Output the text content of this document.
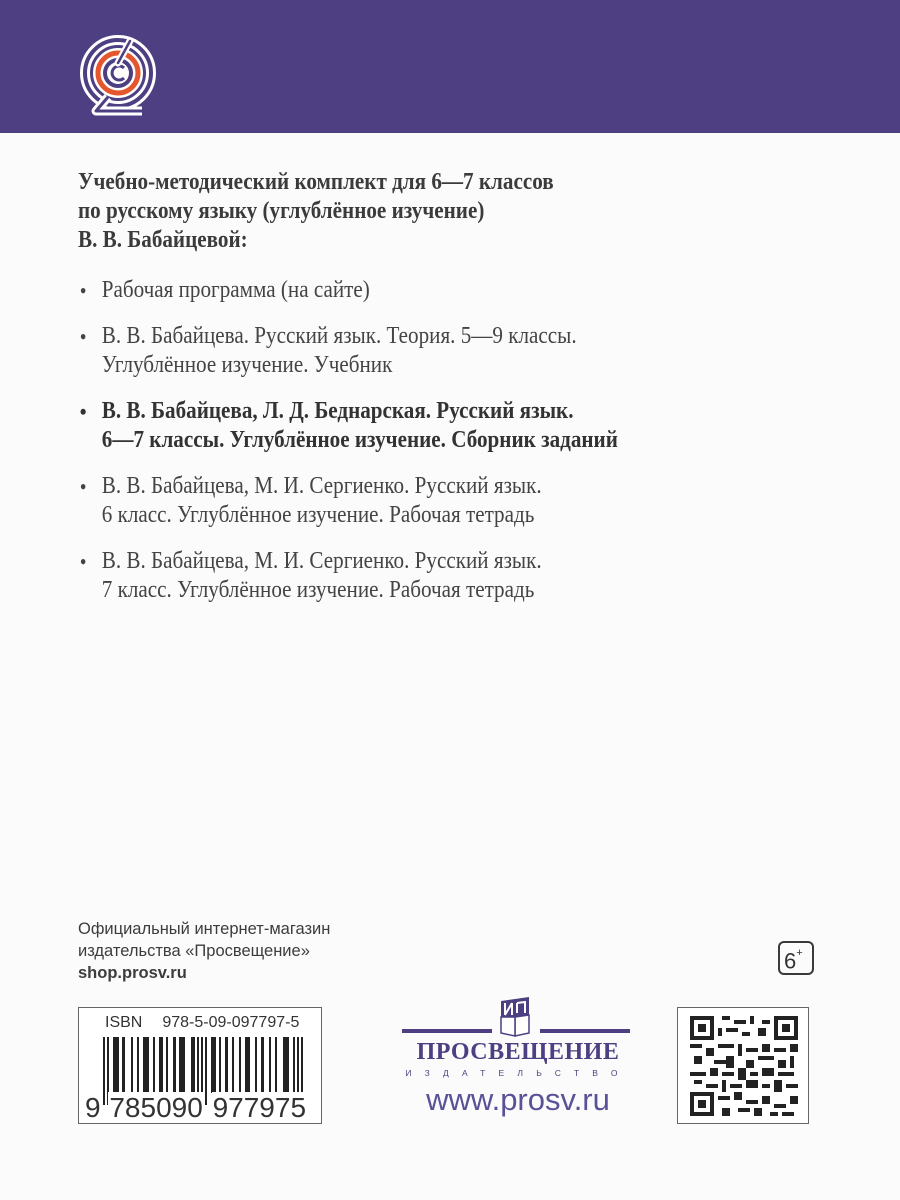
Учебно-методический комплект для 6—7 классов
по русскому языку (углублённое изучение)
В. В. Бабайцевой:
• Рабочая программа (на сайте)
• В. В. Бабайцева. Русский язык. Теория. 5—9 классы.
Углублённое изучение. Учебник
• В. В. Бабайцева, Л. Д. Беднарская. Русский язык.
6—7 классы. Углублённое изучение. Сборник заданий
• В. В. Бабайцева, М. И. Сергиенко. Русский язык.
6 класс. Углублённое изучение. Рабочая тетрадь
• В. В. Бабайцева, М. И. Сергиенко. Русский язык.
7 класс. Углублённое изучение. Рабочая тетрадь
Официальный интернет-магазин
издательства «Просвещение»
shop.prosv.ru	6+
ISBN 978-5-09-097797-5
9 785090 977975
ПРОСВЕЩЕНИЕ
ИЗДАТЕЛЬСТВО
www.prosv.ru
